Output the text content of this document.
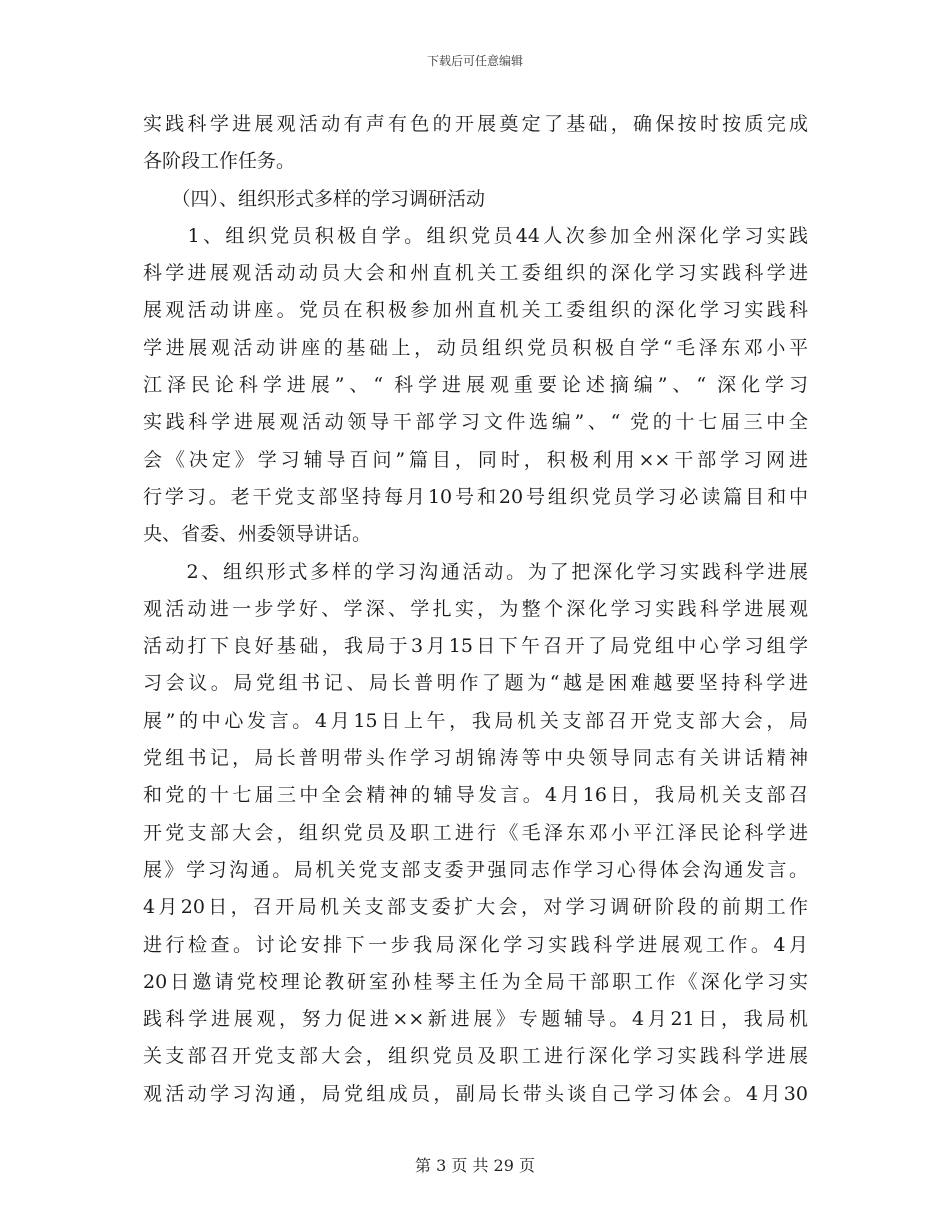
下载后可任意编辑
实践科学进展观活动有声有色的开展奠定了基础，确保按时按质完成
各阶段工作任务。
　　（四）、组织形式多样的学习调研活动
　　1、组织党员积极自学。组织党员44人次参加全州深化学习实践
科学进展观活动动员大会和州直机关工委组织的深化学习实践科学进
展观活动讲座。党员在积极参加州直机关工委组织的深化学习实践科
学进展观活动讲座的基础上，动员组织党员积极自学“毛泽东邓小平
江泽民论科学进展”、“ 科学进展观重要论述摘编”、“ 深化学习
实践科学进展观活动领导干部学习文件选编”、“ 党的十七届三中全
会《决定》学习辅导百问”篇目，同时，积极利用××干部学习网进
行学习。老干党支部坚持每月10号和20号组织党员学习必读篇目和中
央、省委、州委领导讲话。
　　2、组织形式多样的学习沟通活动。为了把深化学习实践科学进展
观活动进一步学好、学深、学扎实，为整个深化学习实践科学进展观
活动打下良好基础，我局于3月15日下午召开了局党组中心学习组学
习会议。局党组书记、局长普明作了题为“越是困难越要坚持科学进
展”的中心发言。4月15日上午，我局机关支部召开党支部大会，局
党组书记，局长普明带头作学习胡锦涛等中央领导同志有关讲话精神
和党的十七届三中全会精神的辅导发言。4月16日，我局机关支部召
开党支部大会，组织党员及职工进行《毛泽东邓小平江泽民论科学进
展》学习沟通。局机关党支部支委尹强同志作学习心得体会沟通发言。
4月20日，召开局机关支部支委扩大会，对学习调研阶段的前期工作
进行检查。讨论安排下一步我局深化学习实践科学进展观工作。4月
20日邀请党校理论教研室孙桂琴主任为全局干部职工作《深化学习实
践科学进展观，努力促进××新进展》专题辅导。4月21日，我局机
关支部召开党支部大会，组织党员及职工进行深化学习实践科学进展
观活动学习沟通，局党组成员，副局长带头谈自己学习体会。4月30
第 3 页 共 29 页
